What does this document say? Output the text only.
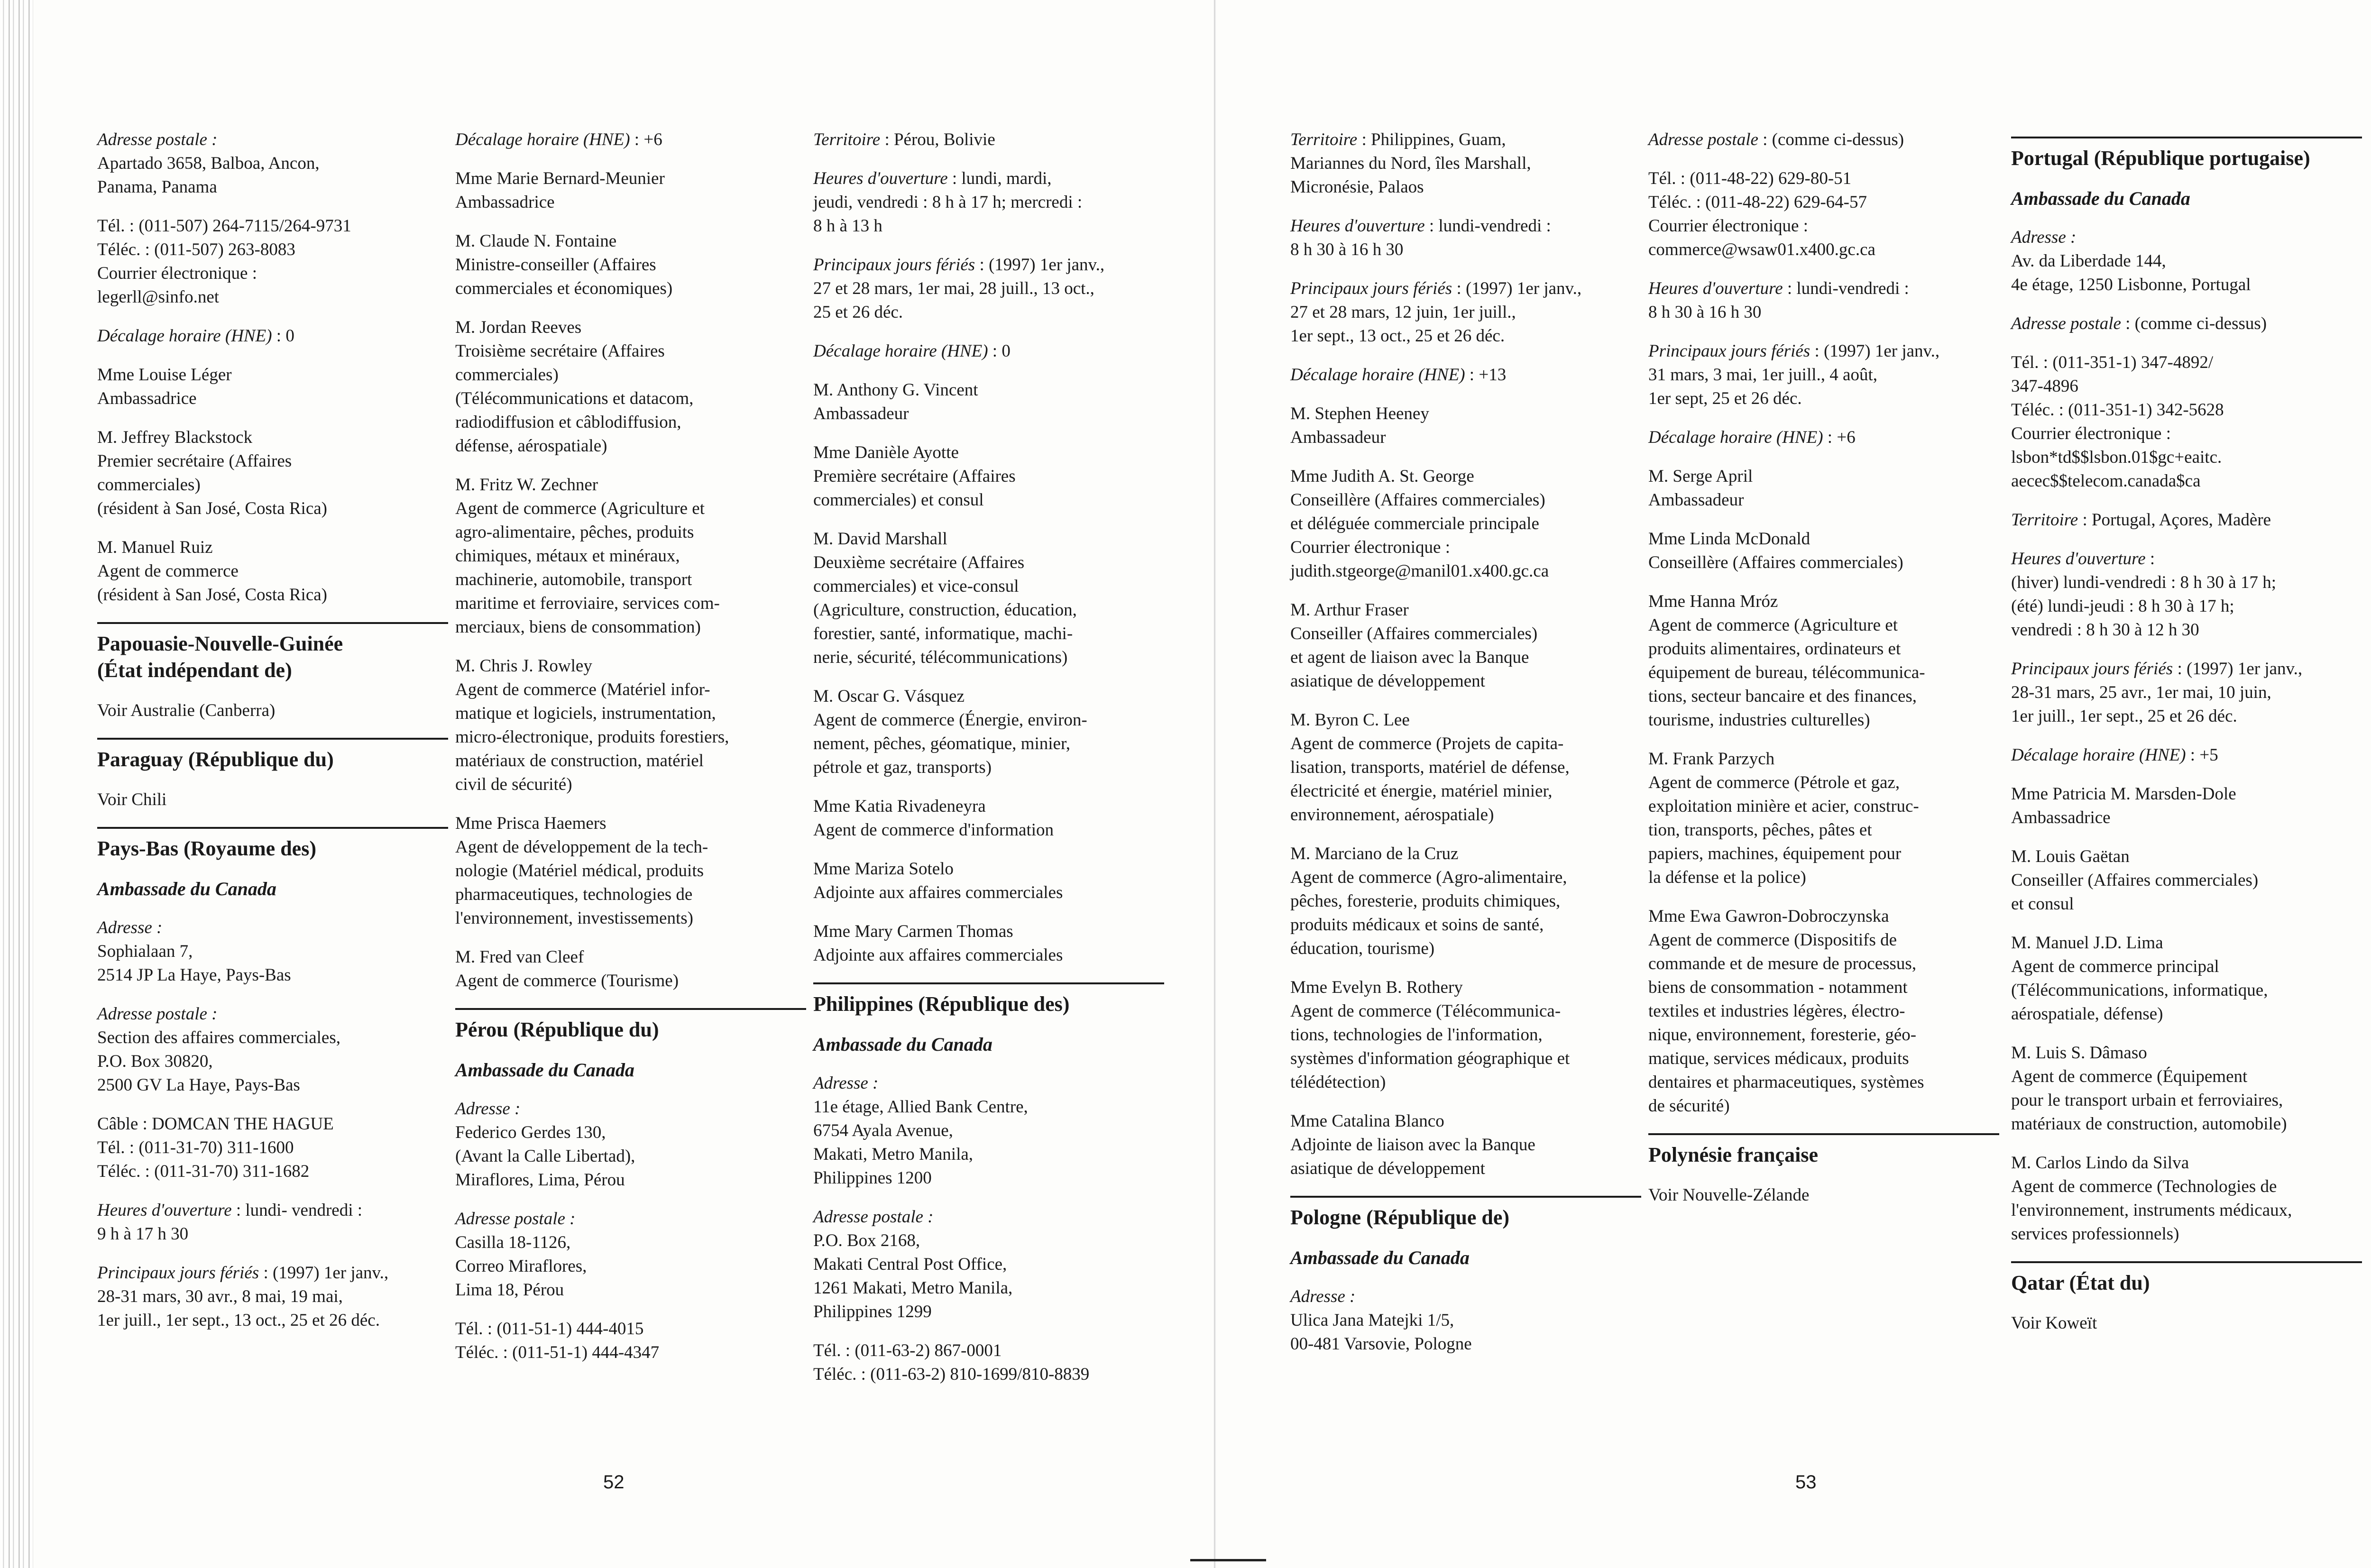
Adresse postale :
Apartado 3658, Balboa, Ancon,
Panama, Panama
Tél. : (011-507) 264-7115/264-9731
Téléc. : (011-507) 263-8083
Courrier électronique :
legerll@sinfo.net
Décalage horaire (HNE) : 0
Mme Louise Léger
Ambassadrice
M. Jeffrey Blackstock
Premier secrétaire (Affaires
commerciales)
(résident à San José, Costa Rica)
M. Manuel Ruiz
Agent de commerce
(résident à San José, Costa Rica)
Papouasie-Nouvelle-Guinée
(État indépendant de)
Voir Australie (Canberra)
Paraguay (République du)
Voir Chili
Pays-Bas (Royaume des)
Ambassade du Canada
Adresse :
Sophialaan 7,
2514 JP La Haye, Pays-Bas
Adresse postale :
Section des affaires commerciales,
P.O. Box 30820,
2500 GV La Haye, Pays-Bas
Câble : DOMCAN THE HAGUE
Tél. : (011-31-70) 311-1600
Téléc. : (011-31-70) 311-1682
Heures d'ouverture : lundi- vendredi :
9 h à 17 h 30
Principaux jours fériés : (1997) 1er janv.,
28-31 mars, 30 avr., 8 mai, 19 mai,
1er juill., 1er sept., 13 oct., 25 et 26 déc.
Décalage horaire (HNE) : +6
Mme Marie Bernard-Meunier
Ambassadrice
M. Claude N. Fontaine
Ministre-conseiller (Affaires
commerciales et économiques)
M. Jordan Reeves
Troisième secrétaire (Affaires
commerciales)
(Télécommunications et datacom,
radiodiffusion et câblodiffusion,
défense, aérospatiale)
M. Fritz W. Zechner
Agent de commerce (Agriculture et
agro-alimentaire, pêches, produits
chimiques, métaux et minéraux,
machinerie, automobile, transport
maritime et ferroviaire, services com-
merciaux, biens de consommation)
M. Chris J. Rowley
Agent de commerce (Matériel infor-
matique et logiciels, instrumentation,
micro-électronique, produits forestiers,
matériaux de construction, matériel
civil de sécurité)
Mme Prisca Haemers
Agent de développement de la tech-
nologie (Matériel médical, produits
pharmaceutiques, technologies de
l'environnement, investissements)
M. Fred van Cleef
Agent de commerce (Tourisme)
Pérou (République du)
Ambassade du Canada
Adresse :
Federico Gerdes 130,
(Avant la Calle Libertad),
Miraflores, Lima, Pérou
Adresse postale :
Casilla 18-1126,
Correo Miraflores,
Lima 18, Pérou
Tél. : (011-51-1) 444-4015
Téléc. : (011-51-1) 444-4347
Territoire : Pérou, Bolivie
Heures d'ouverture : lundi, mardi,
jeudi, vendredi : 8 h à 17 h; mercredi :
8 h à 13 h
Principaux jours fériés : (1997) 1er janv.,
27 et 28 mars, 1er mai, 28 juill., 13 oct.,
25 et 26 déc.
Décalage horaire (HNE) : 0
M. Anthony G. Vincent
Ambassadeur
Mme Danièle Ayotte
Première secrétaire (Affaires
commerciales) et consul
M. David Marshall
Deuxième secrétaire (Affaires
commerciales) et vice-consul
(Agriculture, construction, éducation,
forestier, santé, informatique, machi-
nerie, sécurité, télécommunications)
M. Oscar G. Vásquez
Agent de commerce (Énergie, environ-
nement, pêches, géomatique, minier,
pétrole et gaz, transports)
Mme Katia Rivadeneyra
Agent de commerce d'information
Mme Mariza Sotelo
Adjointe aux affaires commerciales
Mme Mary Carmen Thomas
Adjointe aux affaires commerciales
Philippines (République des)
Ambassade du Canada
Adresse :
11e étage, Allied Bank Centre,
6754 Ayala Avenue,
Makati, Metro Manila,
Philippines 1200
Adresse postale :
P.O. Box 2168,
Makati Central Post Office,
1261 Makati, Metro Manila,
Philippines 1299
Tél. : (011-63-2) 867-0001
Téléc. : (011-63-2) 810-1699/810-8839
52
Territoire : Philippines, Guam,
Mariannes du Nord, îles Marshall,
Micronésie, Palaos
Heures d'ouverture : lundi-vendredi :
8 h 30 à 16 h 30
Principaux jours fériés : (1997) 1er janv.,
27 et 28 mars, 12 juin, 1er juill.,
1er sept., 13 oct., 25 et 26 déc.
Décalage horaire (HNE) : +13
M. Stephen Heeney
Ambassadeur
Mme Judith A. St. George
Conseillère (Affaires commerciales)
et déléguée commerciale principale
Courrier électronique :
judith.stgeorge@manil01.x400.gc.ca
M. Arthur Fraser
Conseiller (Affaires commerciales)
et agent de liaison avec la Banque
asiatique de développement
M. Byron C. Lee
Agent de commerce (Projets de capita-
lisation, transports, matériel de défense,
électricité et énergie, matériel minier,
environnement, aérospatiale)
M. Marciano de la Cruz
Agent de commerce (Agro-alimentaire,
pêches, foresterie, produits chimiques,
produits médicaux et soins de santé,
éducation, tourisme)
Mme Evelyn B. Rothery
Agent de commerce (Télécommunica-
tions, technologies de l'information,
systèmes d'information géographique et
télédétection)
Mme Catalina Blanco
Adjointe de liaison avec la Banque
asiatique de développement
Pologne (République de)
Ambassade du Canada
Adresse :
Ulica Jana Matejki 1/5,
00-481 Varsovie, Pologne
Adresse postale : (comme ci-dessus)
Tél. : (011-48-22) 629-80-51
Téléc. : (011-48-22) 629-64-57
Courrier électronique :
commerce@wsaw01.x400.gc.ca
Heures d'ouverture : lundi-vendredi :
8 h 30 à 16 h 30
Principaux jours fériés : (1997) 1er janv.,
31 mars, 3 mai, 1er juill., 4 août,
1er sept, 25 et 26 déc.
Décalage horaire (HNE) : +6
M. Serge April
Ambassadeur
Mme Linda McDonald
Conseillère (Affaires commerciales)
Mme Hanna Mróz
Agent de commerce (Agriculture et
produits alimentaires, ordinateurs et
équipement de bureau, télécommunica-
tions, secteur bancaire et des finances,
tourisme, industries culturelles)
M. Frank Parzych
Agent de commerce (Pétrole et gaz,
exploitation minière et acier, construc-
tion, transports, pêches, pâtes et
papiers, machines, équipement pour
la défense et la police)
Mme Ewa Gawron-Dobroczynska
Agent de commerce (Dispositifs de
commande et de mesure de processus,
biens de consommation - notamment
textiles et industries légères, électro-
nique, environnement, foresterie, géo-
matique, services médicaux, produits
dentaires et pharmaceutiques, systèmes
de sécurité)
Polynésie française
Voir Nouvelle-Zélande
Portugal (République portugaise)
Ambassade du Canada
Adresse :
Av. da Liberdade 144,
4e étage, 1250 Lisbonne, Portugal
Adresse postale : (comme ci-dessus)
Tél. : (011-351-1) 347-4892/
347-4896
Téléc. : (011-351-1) 342-5628
Courrier électronique :
lsbon*td$$lsbon.01$gc+eaitc.
aecec$$telecom.canada$ca
Territoire : Portugal, Açores, Madère
Heures d'ouverture :
(hiver) lundi-vendredi : 8 h 30 à 17 h;
(été) lundi-jeudi : 8 h 30 à 17 h;
vendredi : 8 h 30 à 12 h 30
Principaux jours fériés : (1997) 1er janv.,
28-31 mars, 25 avr., 1er mai, 10 juin,
1er juill., 1er sept., 25 et 26 déc.
Décalage horaire (HNE) : +5
Mme Patricia M. Marsden-Dole
Ambassadrice
M. Louis Gaëtan
Conseiller (Affaires commerciales)
et consul
M. Manuel J.D. Lima
Agent de commerce principal
(Télécommunications, informatique,
aérospatiale, défense)
M. Luis S. Dâmaso
Agent de commerce (Équipement
pour le transport urbain et ferroviaires,
matériaux de construction, automobile)
M. Carlos Lindo da Silva
Agent de commerce (Technologies de
l'environnement, instruments médicaux,
services professionnels)
Qatar (État du)
Voir Koweït
53
